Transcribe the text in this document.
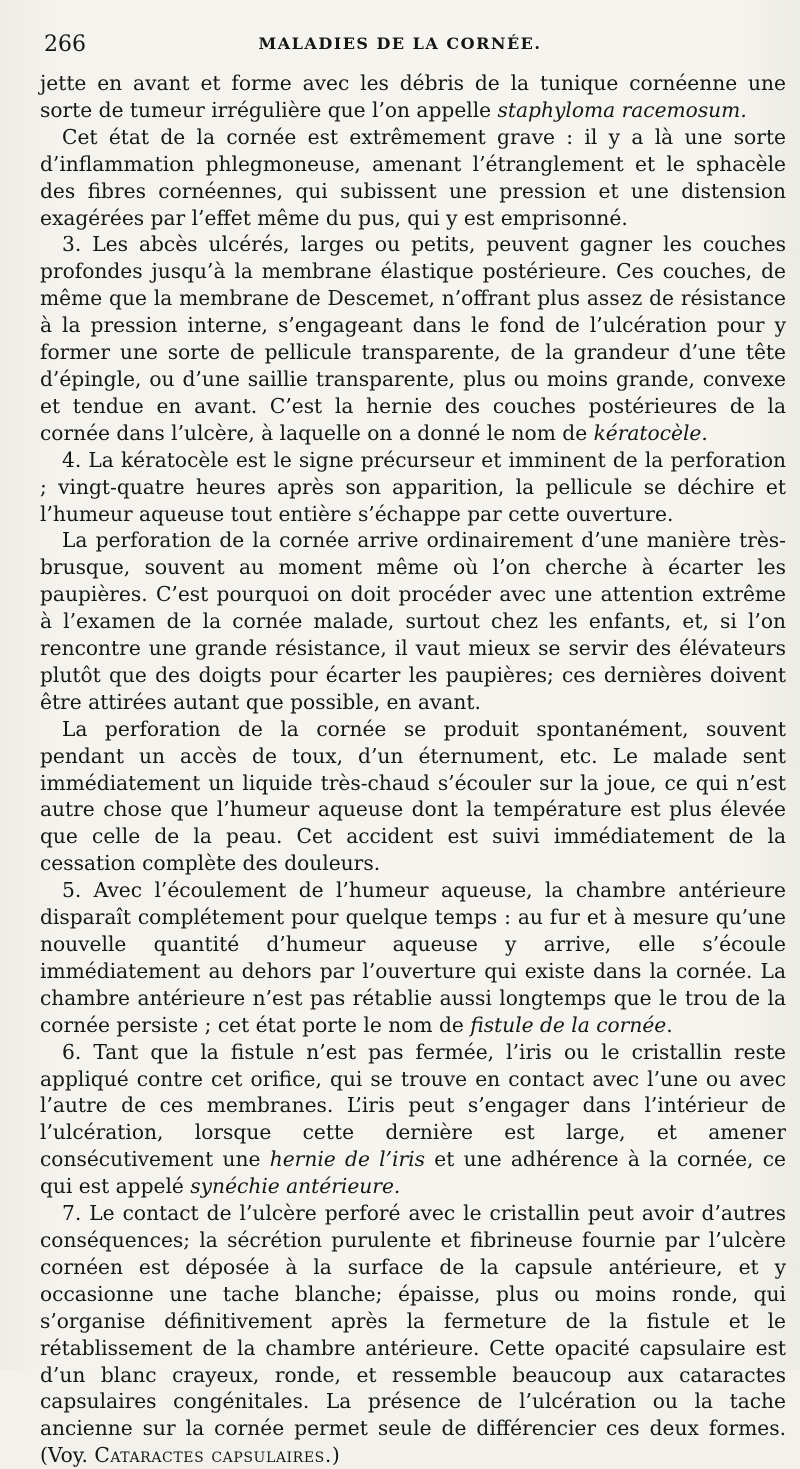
266	MALADIES DE LA CORNÉE.

jette en avant et forme avec les débris de la tunique cornéenne une sorte de tumeur irrégulière que l’on appelle staphyloma racemosum.

Cet état de la cornée est extrêmement grave : il y a là une sorte d’inflammation phlegmoneuse, amenant l’étranglement et le sphacèle des fibres cornéennes, qui subissent une pression et une distension exagérées par l’effet même du pus, qui y est emprisonné.

3. Les abcès ulcérés, larges ou petits, peuvent gagner les couches profondes jusqu’à la membrane élastique postérieure. Ces couches, de même que la membrane de Descemet, n’offrant plus assez de résistance à la pression interne, s’engageant dans le fond de l’ulcération pour y former une sorte de pellicule transparente, de la grandeur d’une tête d’épingle, ou d’une saillie transparente, plus ou moins grande, convexe et tendue en avant. C’est la hernie des couches postérieures de la cornée dans l’ulcère, à laquelle on a donné le nom de kératocèle.

4. La kératocèle est le signe précurseur et imminent de la perforation ; vingt-quatre heures après son apparition, la pellicule se déchire et l’humeur aqueuse tout entière s’échappe par cette ouverture.

La perforation de la cornée arrive ordinairement d’une manière très-brusque, souvent au moment même où l’on cherche à écarter les paupières. C’est pourquoi on doit procéder avec une attention extrême à l’examen de la cornée malade, surtout chez les enfants, et, si l’on rencontre une grande résistance, il vaut mieux se servir des élévateurs plutôt que des doigts pour écarter les paupières; ces dernières doivent être attirées autant que possible, en avant.

La perforation de la cornée se produit spontanément, souvent pendant un accès de toux, d’un éternument, etc. Le malade sent immédiatement un liquide très-chaud s’écouler sur la joue, ce qui n’est autre chose que l’humeur aqueuse dont la température est plus élevée que celle de la peau. Cet accident est suivi immédiatement de la cessation complète des douleurs.

5. Avec l’écoulement de l’humeur aqueuse, la chambre antérieure disparaît complétement pour quelque temps : au fur et à mesure qu’une nouvelle quantité d’humeur aqueuse y arrive, elle s’écoule immédiatement au dehors par l’ouverture qui existe dans la cornée. La chambre antérieure n’est pas rétablie aussi longtemps que le trou de la cornée persiste ; cet état porte le nom de fistule de la cornée.

6. Tant que la fistule n’est pas fermée, l’iris ou le cristallin reste appliqué contre cet orifice, qui se trouve en contact avec l’une ou avec l’autre de ces membranes. L’iris peut s’engager dans l’intérieur de l’ulcération, lorsque cette dernière est large, et amener consécutivement une hernie de l’iris et une adhérence à la cornée, ce qui est appelé synéchie antérieure.

7. Le contact de l’ulcère perforé avec le cristallin peut avoir d’autres conséquences; la sécrétion purulente et fibrineuse fournie par l’ulcère cornéen est déposée à la surface de la capsule antérieure, et y occasionne une tache blanche; épaisse, plus ou moins ronde, qui s’organise définitivement après la fermeture de la fistule et le rétablissement de la chambre antérieure. Cette opacité capsulaire est d’un blanc crayeux, ronde, et ressemble beaucoup aux cataractes capsulaires congénitales. La présence de l’ulcération ou la tache ancienne sur la cornée permet seule de différencier ces deux formes. (Voy. Cataractes capsulaires.)
